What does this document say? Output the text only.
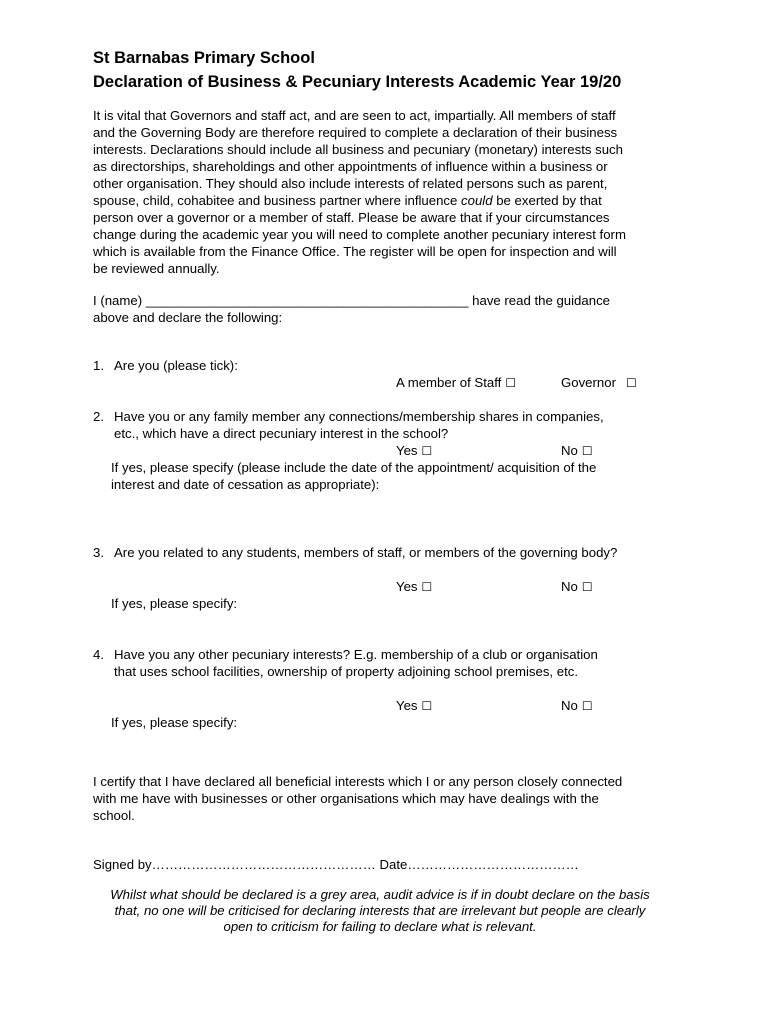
St Barnabas Primary School
Declaration of Business & Pecuniary Interests Academic Year 19/20
It is vital that Governors and staff act, and are seen to act, impartially. All members of staff
and the Governing Body are therefore required to complete a declaration of their business
interests. Declarations should include all business and pecuniary (monetary) interests such
as directorships, shareholdings and other appointments of influence within a business or
other organisation. They should also include interests of related persons such as parent,
spouse, child, cohabitee and business partner where influence could be exerted by that
person over a governor or a member of staff. Please be aware that if your circumstances
change during the academic year you will need to complete another pecuniary interest form
which is available from the Finance Office. The register will be open for inspection and will
be reviewed annually.
I (name) ____________________________________________ have read the guidance
above and declare the following:
1. Are you (please tick):
A member of Staff ☐	Governor ☐
2. Have you or any family member any connections/membership shares in companies,
etc., which have a direct pecuniary interest in the school?
Yes ☐	No ☐
If yes, please specify (please include the date of the appointment/ acquisition of the
interest and date of cessation as appropriate):
3. Are you related to any students, members of staff, or members of the governing body?
Yes ☐	No ☐
If yes, please specify:
4. Have you any other pecuniary interests? E.g. membership of a club or organisation
that uses school facilities, ownership of property adjoining school premises, etc.
Yes ☐	No ☐
If yes, please specify:
I certify that I have declared all beneficial interests which I or any person closely connected
with me have with businesses or other organisations which may have dealings with the
school.
Signed by…………………………………………… Date…………………………………
Whilst what should be declared is a grey area, audit advice is if in doubt declare on the basis
that, no one will be criticised for declaring interests that are irrelevant but people are clearly
open to criticism for failing to declare what is relevant.
